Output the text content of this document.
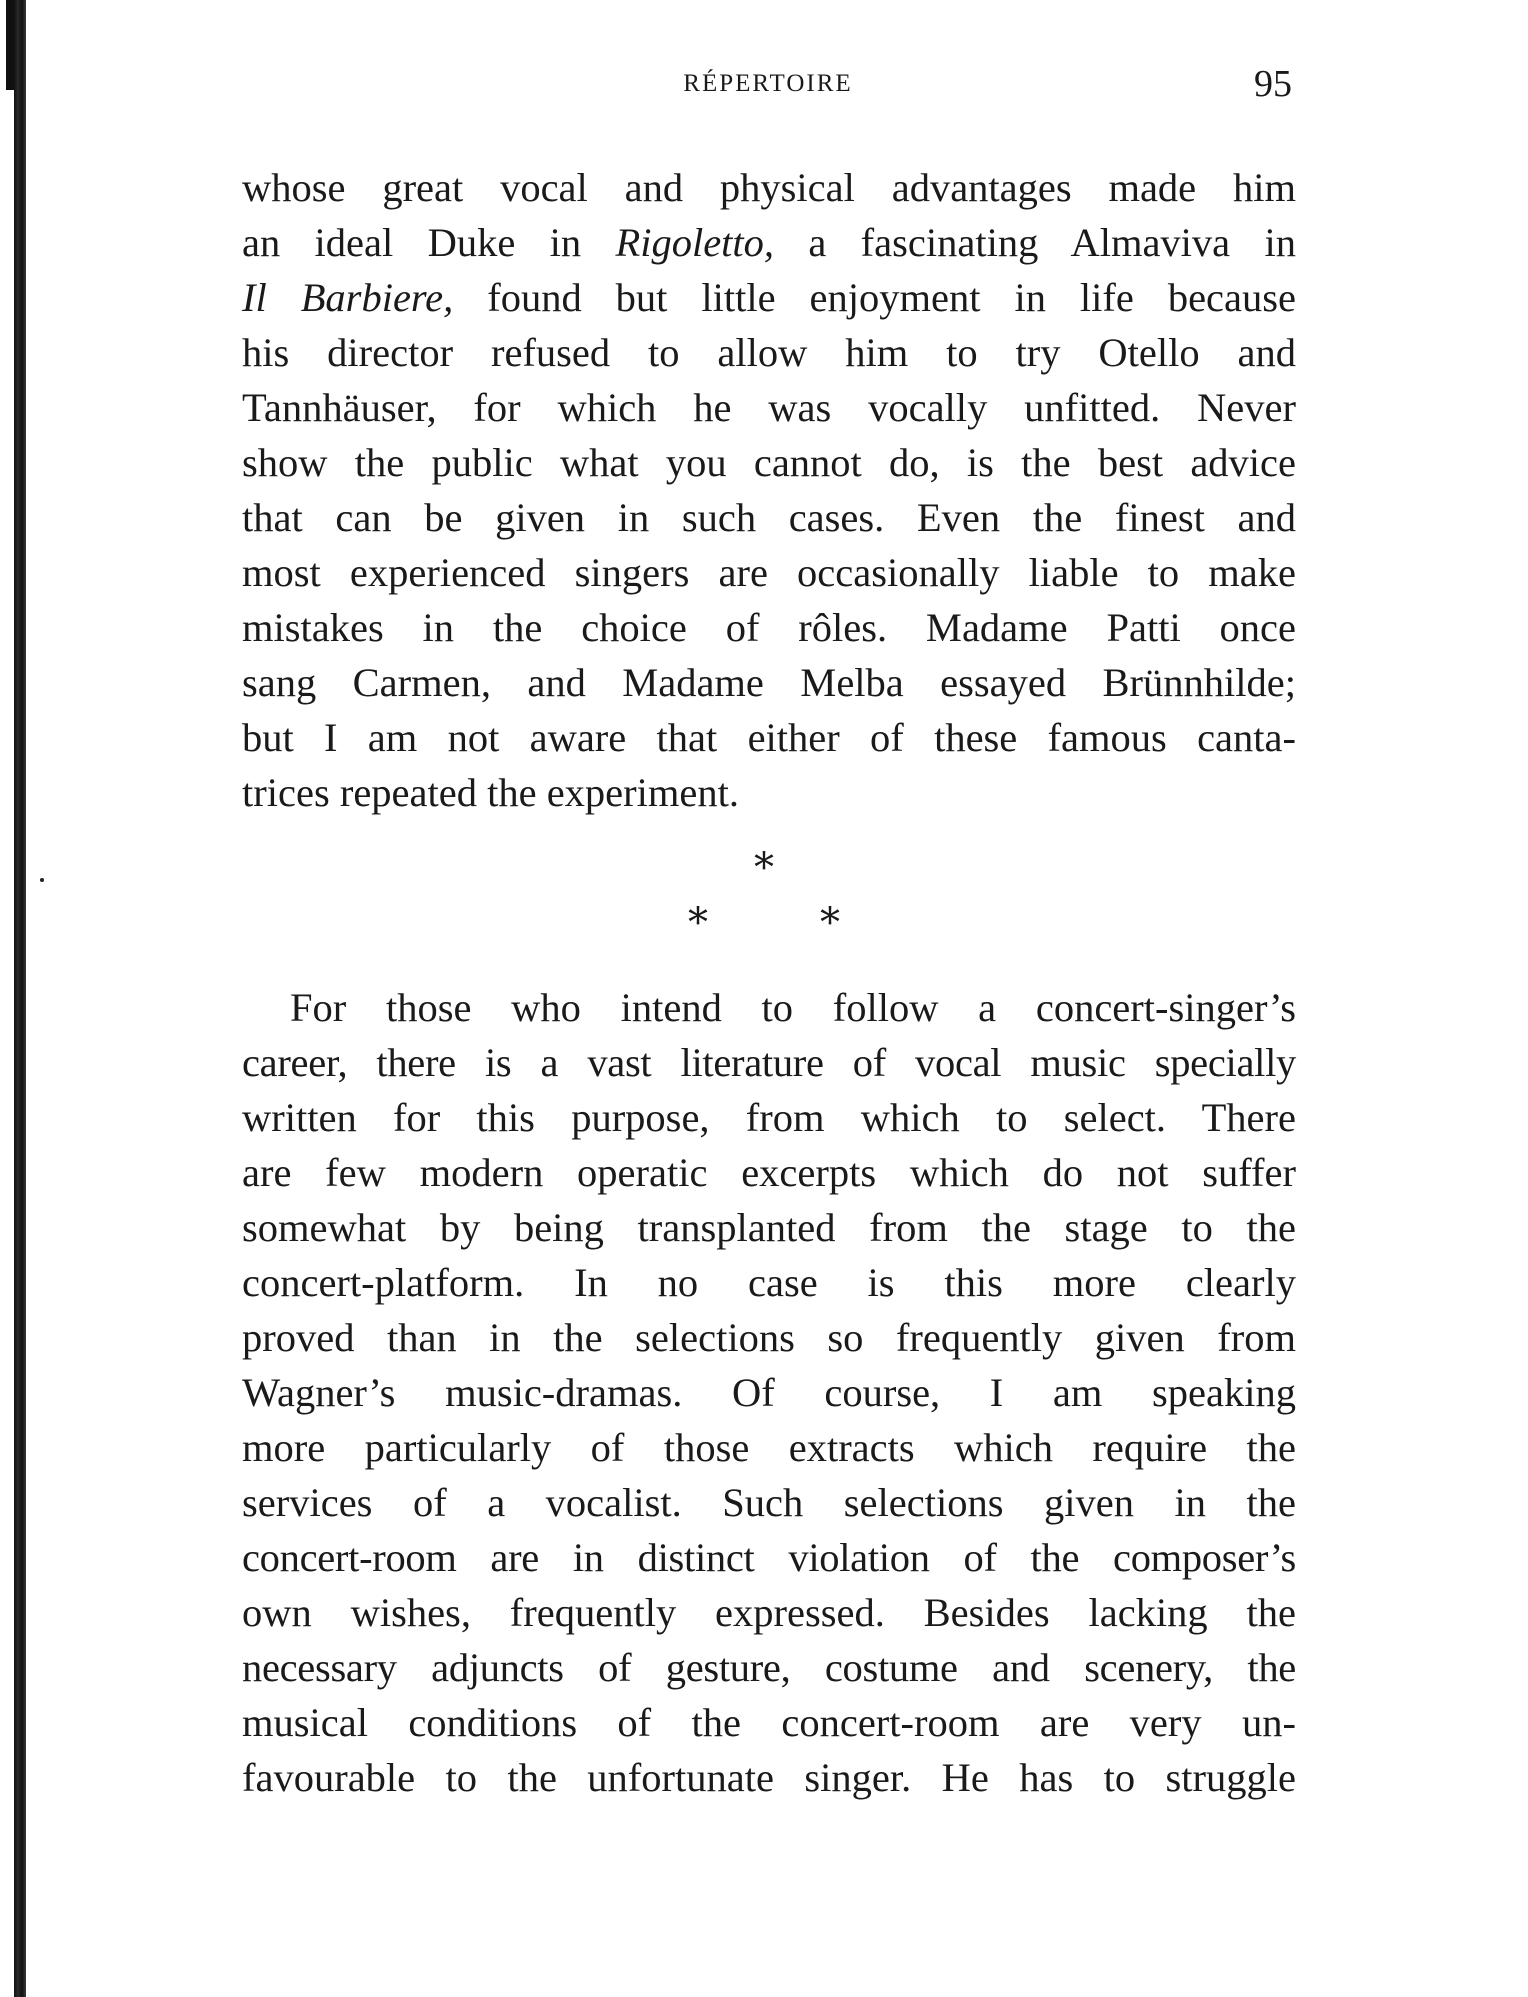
RÉPERTOIRE	95
whose great vocal and physical advantages made him
an ideal Duke in Rigoletto, a fascinating Almaviva in
Il Barbiere, found but little enjoyment in life because
his director refused to allow him to try Otello and
Tannhäuser, for which he was vocally unfitted. Never
show the public what you cannot do, is the best advice
that can be given in such cases. Even the finest and
most experienced singers are occasionally liable to make
mistakes in the choice of rôles. Madame Patti once
sang Carmen, and Madame Melba essayed Brünnhilde;
but I am not aware that either of these famous canta-
trices repeated the experiment.
*
*	*
For those who intend to follow a concert-singer’s
career, there is a vast literature of vocal music specially
written for this purpose, from which to select. There
are few modern operatic excerpts which do not suffer
somewhat by being transplanted from the stage to the
concert-platform. In no case is this more clearly
proved than in the selections so frequently given from
Wagner’s music-dramas. Of course, I am speaking
more particularly of those extracts which require the
services of a vocalist. Such selections given in the
concert-room are in distinct violation of the composer’s
own wishes, frequently expressed. Besides lacking the
necessary adjuncts of gesture, costume and scenery, the
musical conditions of the concert-room are very un-
favourable to the unfortunate singer. He has to struggle
